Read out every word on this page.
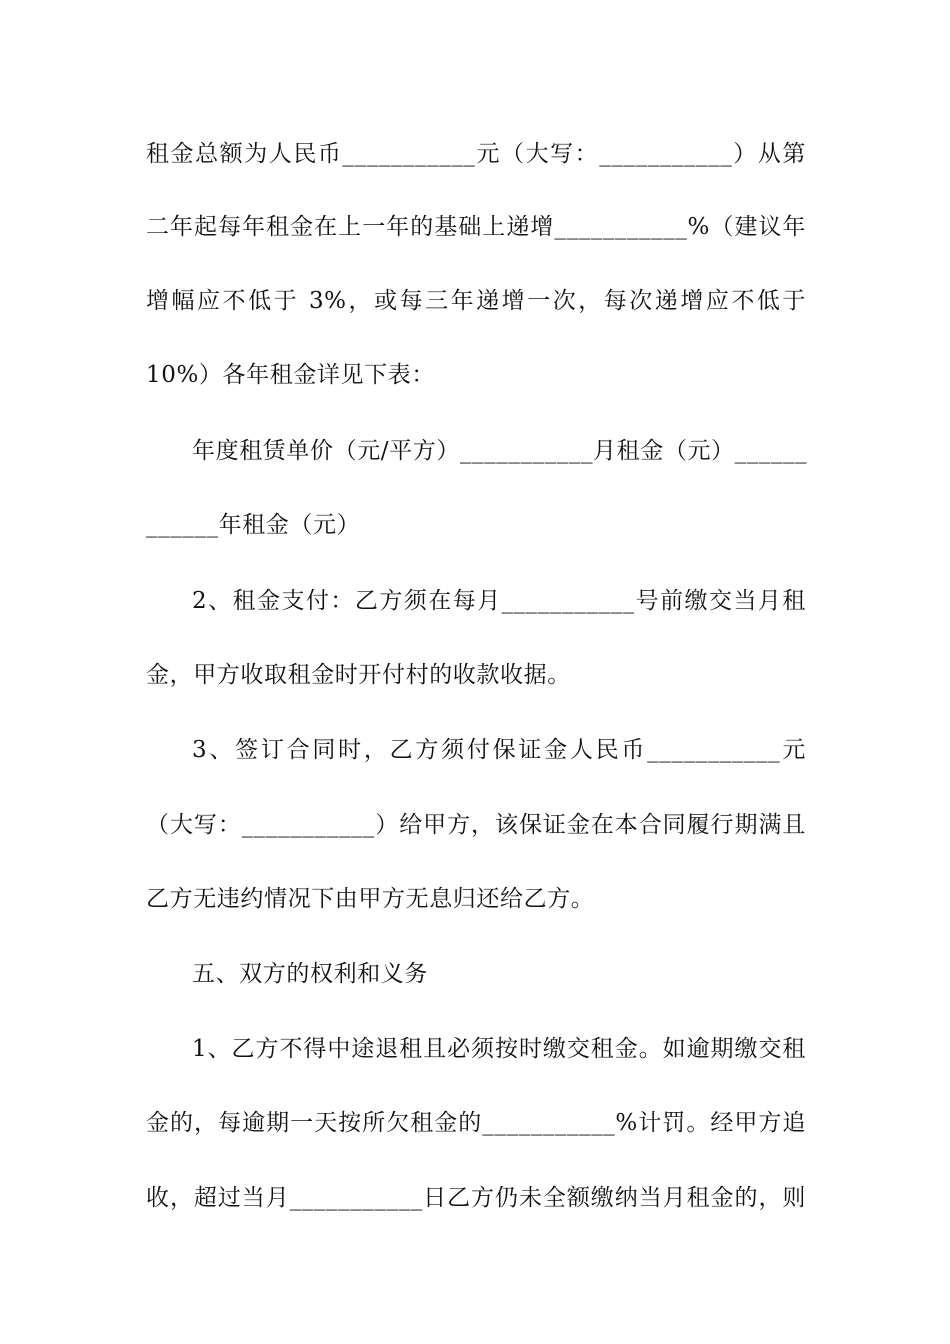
租金总额为人民币___________元（大写：___________）从第
二年起每年租金在上一年的基础上递增___________%（建议年
增幅应不低于 3%，或每三年递增一次，每次递增应不低于
10%）各年租金详见下表：
年度租赁单价（元/平方）___________月租金（元）______
______年租金（元）
2、租金支付：乙方须在每月___________号前缴交当月租
金，甲方收取租金时开付村的收款收据。
3、签订合同时，乙方须付保证金人民币___________元
（大写：___________）给甲方，该保证金在本合同履行期满且
乙方无违约情况下由甲方无息归还给乙方。
五、双方的权利和义务
1、乙方不得中途退租且必须按时缴交租金。如逾期缴交租
金的，每逾期一天按所欠租金的___________%计罚。经甲方追
收，超过当月___________日乙方仍未全额缴纳当月租金的，则
